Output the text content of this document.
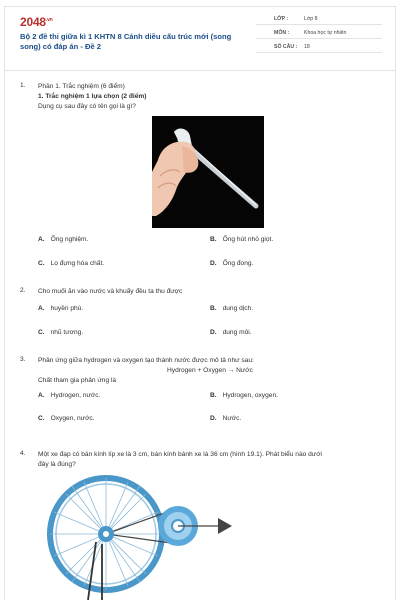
$2048^{.vn}$
Bộ 2 đề thi giữa kì 1 KHTN 8 Cánh diều cấu trúc mới (song song) có đáp án - Đề 2
LỚP :	Lớp 8
MÔN :	Khoa học tự nhiên
SỐ CÂU : 18
1. Phần 1. Trắc nghiệm (6 điểm)
1. Trắc nghiệm 1 lựa chọn (2 điểm)
Dụng cụ sau đây có tên gọi là gì?
A. Ống nghiệm.	B. Ống hút nhỏ giọt.
C. Lọ đựng hóa chất.	D. Ống đong.
2. Cho muối ăn vào nước và khuấy đều ta thu được
A. huyền phù.	B. dung dịch.
C. nhũ tương.	D. dung môi.
3. Phản ứng giữa hydrogen và oxygen tạo thành nước được mô tả như sau:
Hydrogen + Oxygen → Nước
Chất tham gia phản ứng là
A. Hydrogen, nước.	B. Hydrogen, oxygen.
C. Oxygen, nước.	D. Nước.
4. Một xe đạp có bán kính líp xe là 3 cm, bán kính bánh xe là 36 cm (hình 19.1). Phát biểu nào dưới
đây là đúng?
